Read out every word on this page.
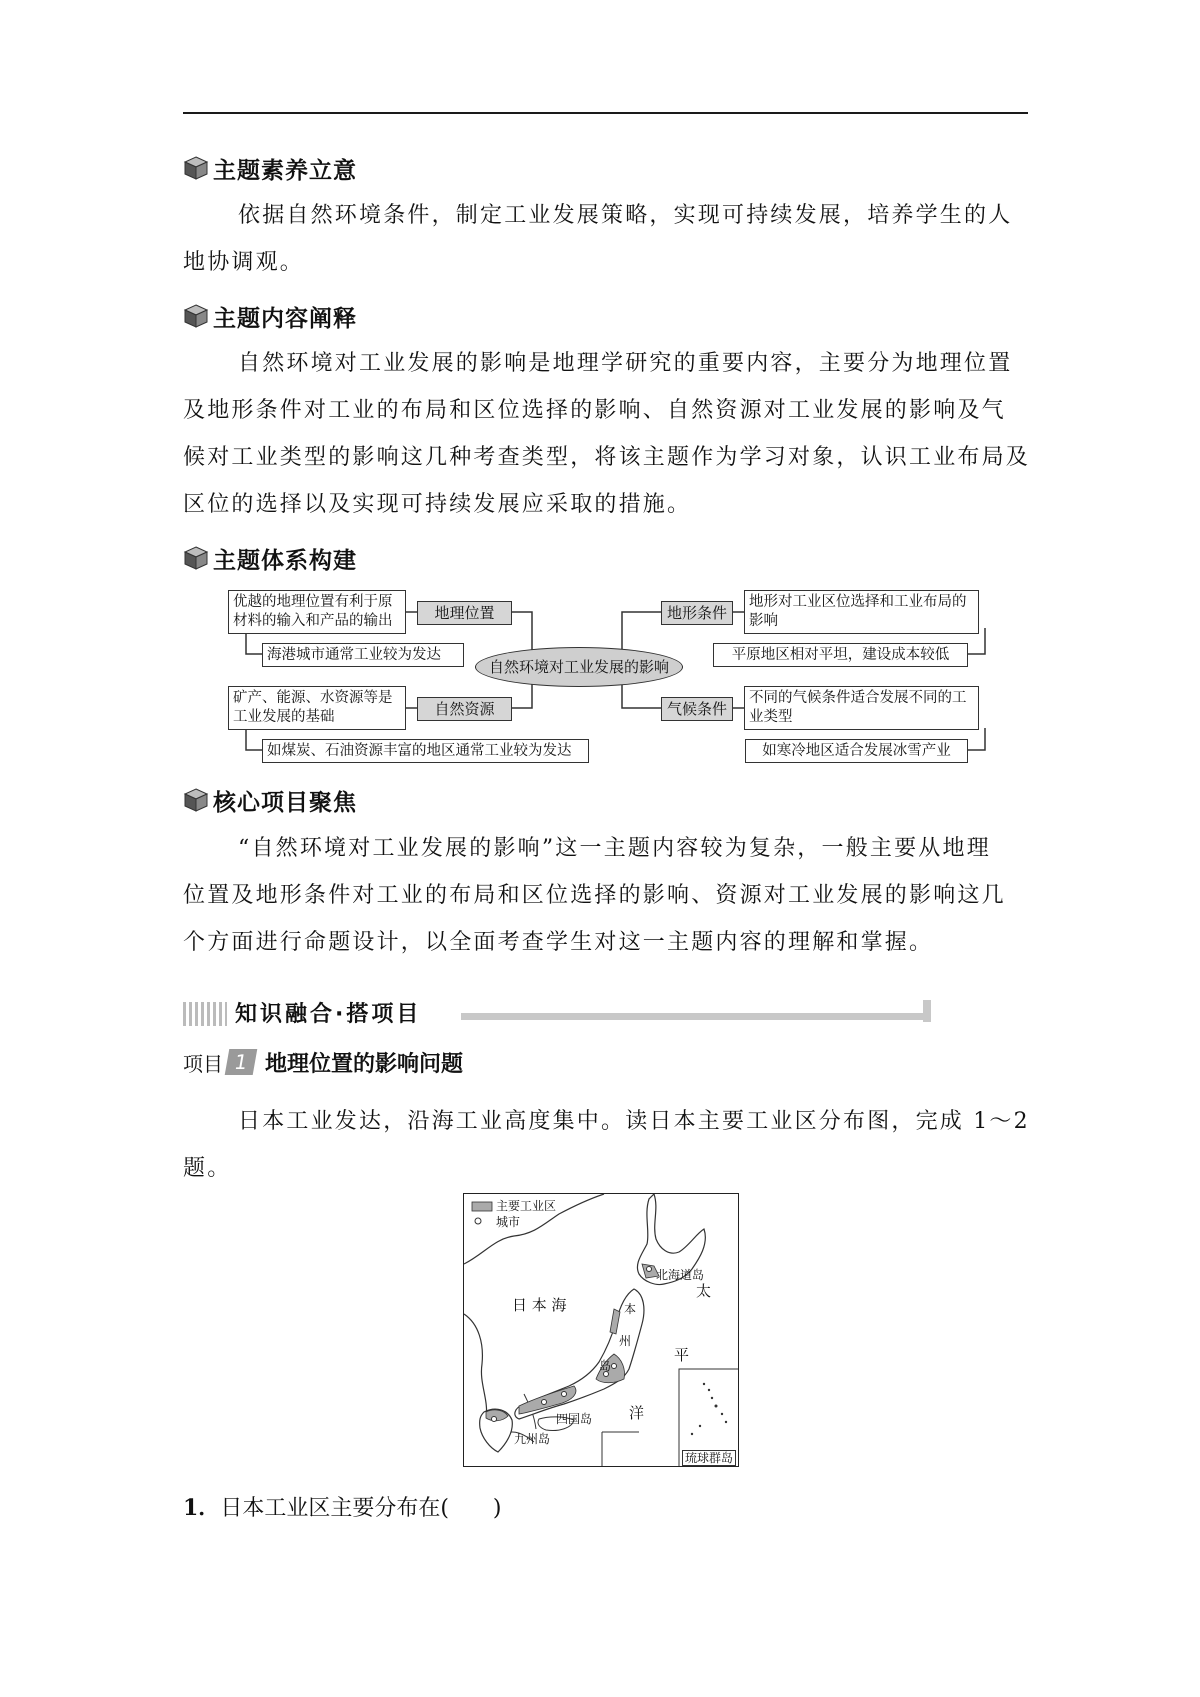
主题素养立意
依据自然环境条件，制定工业发展策略，实现可持续发展，培养学生的人
地协调观。
主题内容阐释
自然环境对工业发展的影响是地理学研究的重要内容，主要分为地理位置
及地形条件对工业的布局和区位选择的影响、自然资源对工业发展的影响及气
候对工业类型的影响这几种考查类型，将该主题作为学习对象，认识工业布局及
区位的选择以及实现可持续发展应采取的措施。
主题体系构建
优越的地理位置有利于原材料的输入和产品的输出	地理位置
海港城市通常工业较为发达
矿产、能源、水资源等是工业发展的基础	自然资源
如煤炭、石油资源丰富的地区通常工业较为发达
自然环境对工业发展的影响
地形条件
地形对工业区位选择和工业布局的影响
平原地区相对平坦，建设成本较低
气候条件
不同的气候条件适合发展不同的工业类型
如寒冷地区适合发展冰雪产业
核心项目聚焦
“自然环境对工业发展的影响”这一主题内容较为复杂，一般主要从地理
位置及地形条件对工业的布局和区位选择的影响、资源对工业发展的影响这几
个方面进行命题设计，以全面考查学生对这一主题内容的理解和掌握。
知识融合·搭项目
项目 1 地理位置的影响问题
日本工业发达，沿海工业高度集中。读日本主要工业区分布图，完成 1～2
题。
主要工业区
城市
北海道岛
日 本 海
太
平
洋
本
州
岛
四国岛
九州岛
琉球群岛
1．日本工业区主要分布在(　　)
